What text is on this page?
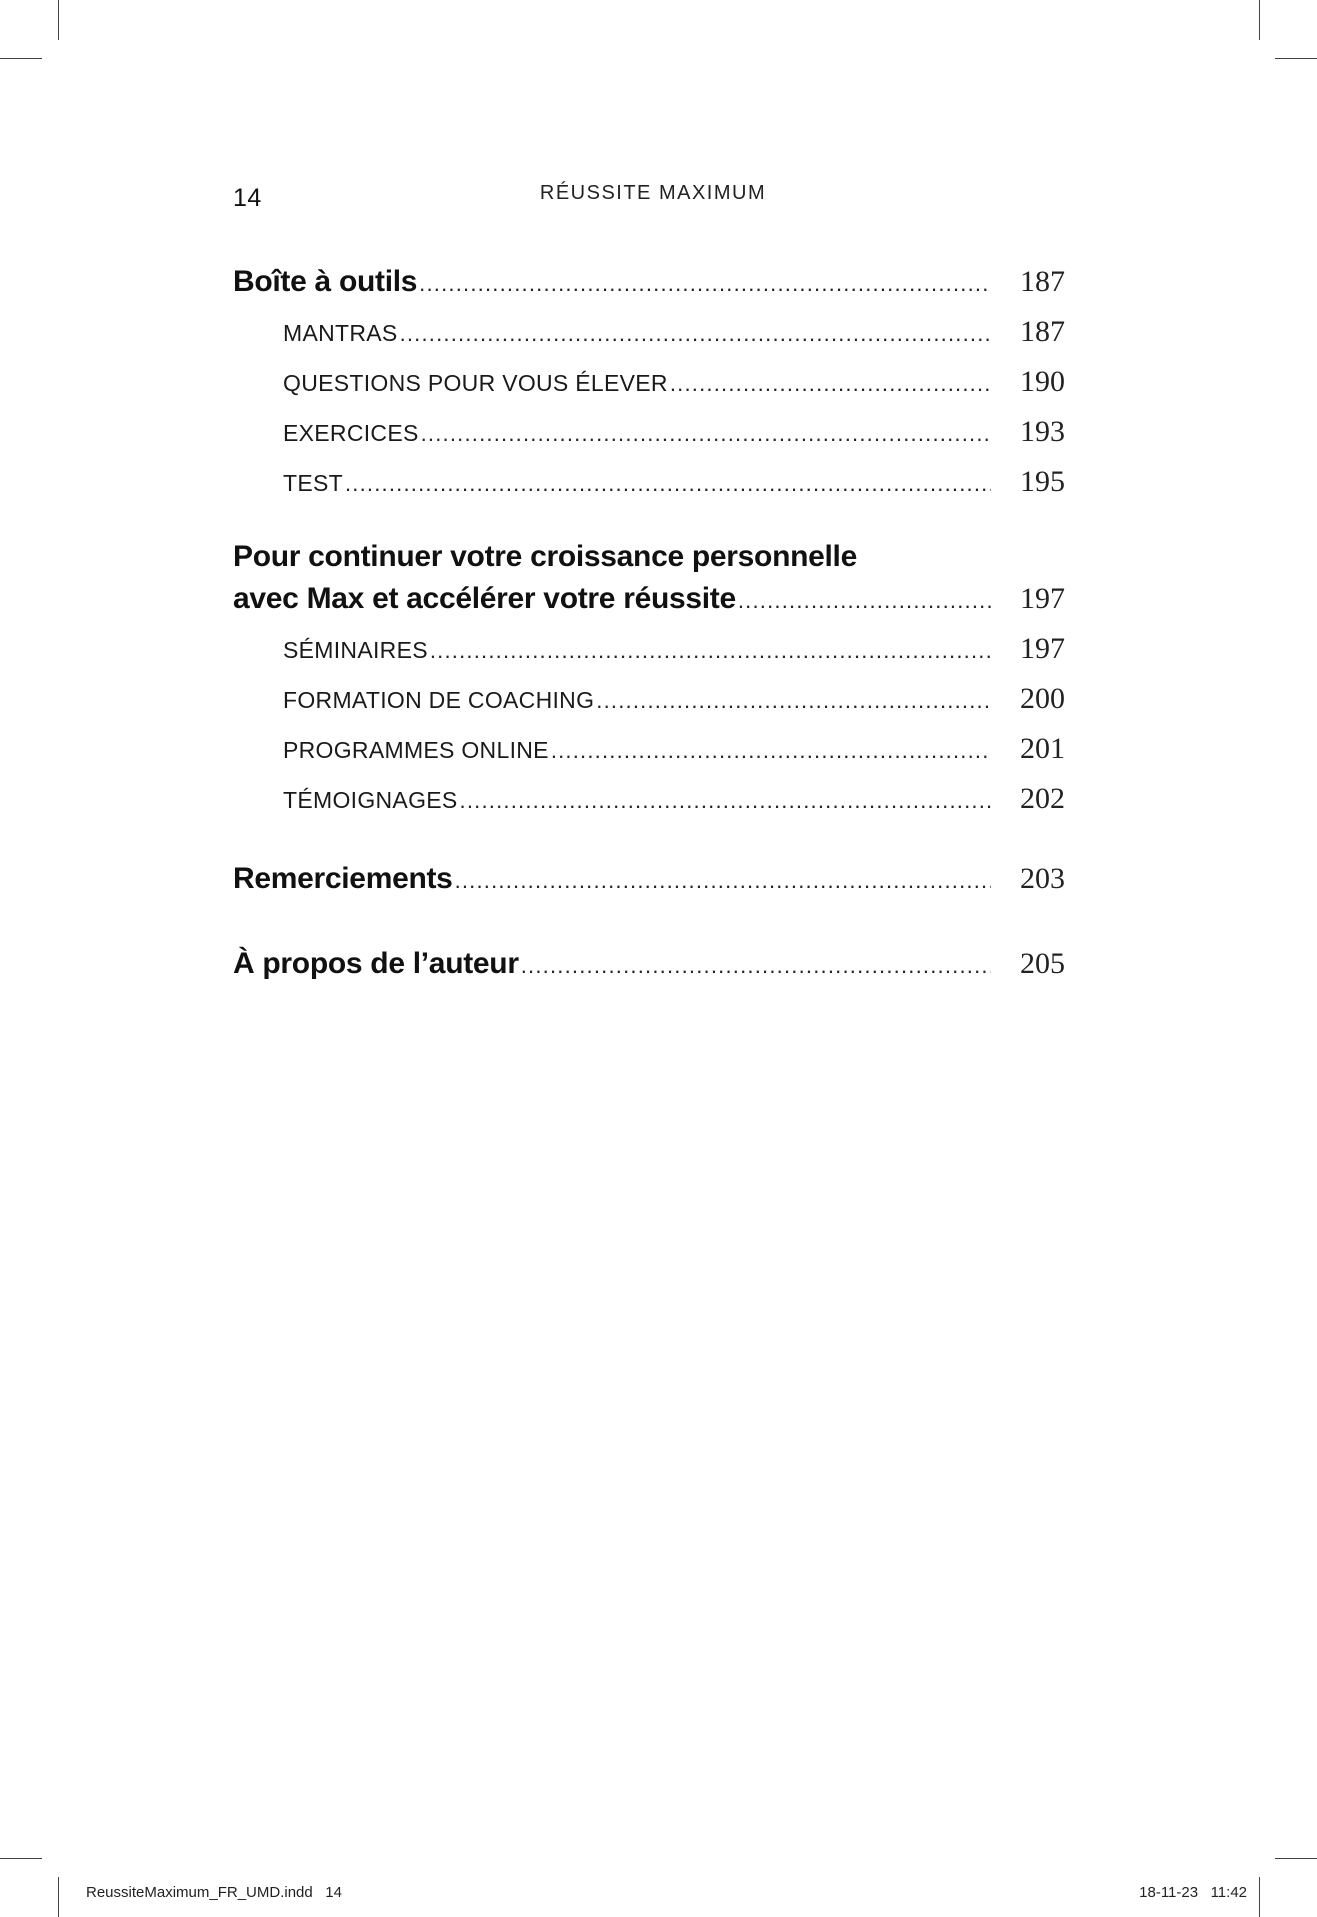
14	RÉUSSITE MAXIMUM
Boîte à outils .....	187
MANTRAS .....	187
QUESTIONS POUR VOUS ÉLEVER .....	190
EXERCICES .....	193
TEST .....	195
Pour continuer votre croissance personnelle
avec Max et accélérer votre réussite .....	197
SÉMINAIRES .....	197
FORMATION DE COACHING .....	200
PROGRAMMES ONLINE .....	201
TÉMOIGNAGES .....	202
Remerciements .....	203
À propos de l’auteur .....	205
ReussiteMaximum_FR_UMD.indd   14	18-11-23   11:42
